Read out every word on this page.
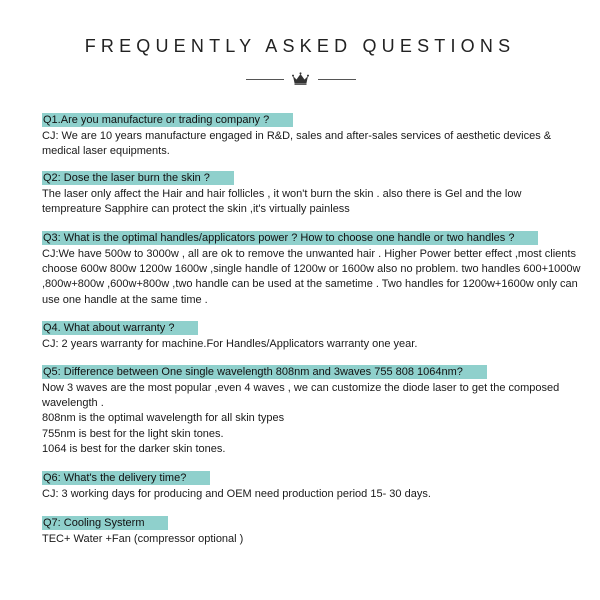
FREQUENTLY ASKED QUESTIONS
Q1.Are you manufacture or trading company ?

CJ: We are 10 years manufacture engaged in R&D, sales and after-sales services of aesthetic devices & medical laser equipments.

Q2: Dose the laser burn the skin ?

The laser only affect the Hair and hair follicles , it won't burn the skin . also there is Gel and the low tempreature Sapphire can protect the skin ,it's virtually painless

Q3: What is the optimal handles/applicators power ? How to choose one handle or two handles ?

CJ:We have 500w to 3000w , all are ok to remove the unwanted hair . Higher Power better effect ,most clients choose 600w 800w 1200w 1600w ,single handle of 1200w or 1600w also no problem. two handles 600+1000w ,800w+800w ,600w+800w ,two handle can be used at the sametime . Two handles for 1200w+1600w only can use one handle at the same time .

Q4. What about warranty ?

CJ: 2 years warranty for machine.For Handles/Applicators warranty one year.

Q5: Difference between One single wavelength 808nm and 3waves 755 808 1064nm?

Now 3 waves are the most popular ,even 4 waves , we can customize the diode laser to get the composed wavelength .

808nm is the optimal wavelength for all skin types

755nm is best for the light skin tones.

1064 is best for the darker skin tones.

Q6: What's the delivery time?

CJ: 3 working days for producing and OEM need production period 15- 30 days.

Q7: Cooling Systerm

TEC+ Water +Fan (compressor optional )
